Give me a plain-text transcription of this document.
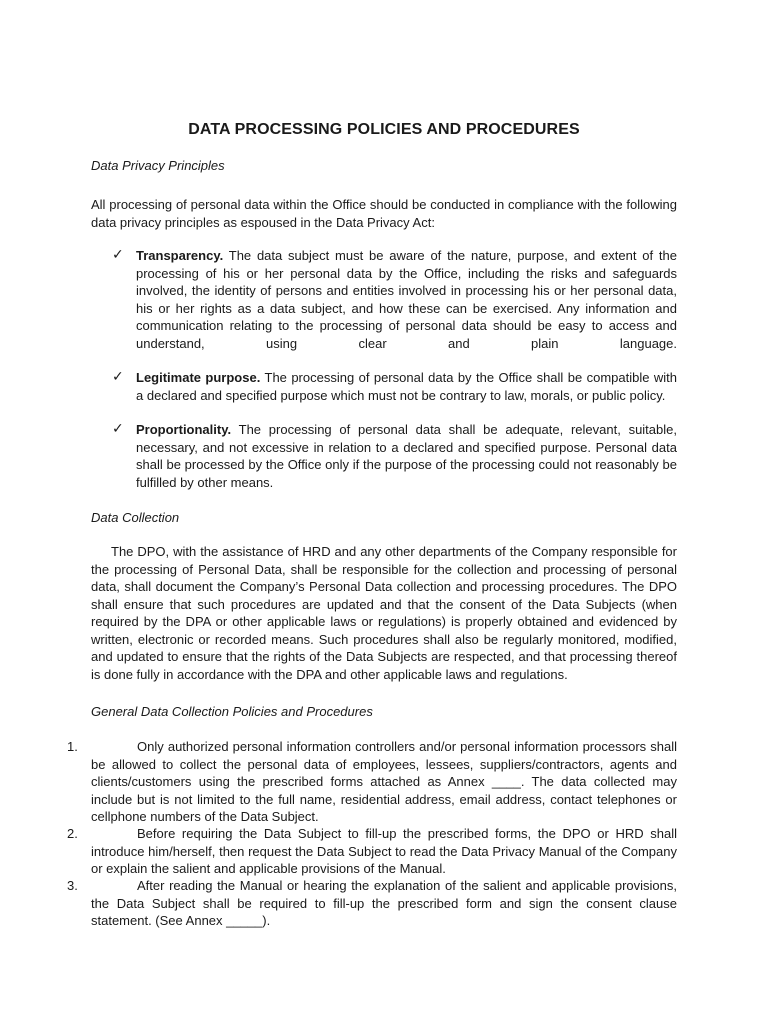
DATA PROCESSING POLICIES AND PROCEDURES
Data Privacy Principles
All processing of personal data within the Office should be conducted in compliance with the following data privacy principles as espoused in the Data Privacy Act:
✓ Transparency. The data subject must be aware of the nature, purpose, and extent of the processing of his or her personal data by the Office, including the risks and safeguards involved, the identity of persons and entities involved in processing his or her personal data, his or her rights as a data subject, and how these can be exercised. Any information and communication relating to the processing of personal data should be easy to access and understand, using clear and plain language.
✓ Legitimate purpose. The processing of personal data by the Office shall be compatible with a declared and specified purpose which must not be contrary to law, morals, or public policy.
✓ Proportionality. The processing of personal data shall be adequate, relevant, suitable, necessary, and not excessive in relation to a declared and specified purpose. Personal data shall be processed by the Office only if the purpose of the processing could not reasonably be fulfilled by other means.
Data Collection
The DPO, with the assistance of HRD and any other departments of the Company responsible for the processing of Personal Data, shall be responsible for the collection and processing of personal data, shall document the Company’s Personal Data collection and processing procedures. The DPO shall ensure that such procedures are updated and that the consent of the Data Subjects (when required by the DPA or other applicable laws or regulations) is properly obtained and evidenced by written, electronic or recorded means. Such procedures shall also be regularly monitored, modified, and updated to ensure that the rights of the Data Subjects are respected, and that processing thereof is done fully in accordance with the DPA and other applicable laws and regulations.
General Data Collection Policies and Procedures
1.	Only authorized personal information controllers and/or personal information processors shall be allowed to collect the personal data of employees, lessees, suppliers/contractors, agents and clients/customers using the prescribed forms attached as Annex ____. The data collected may include but is not limited to the full name, residential address, email address, contact telephones or cellphone numbers of the Data Subject.
2.	Before requiring the Data Subject to fill-up the prescribed forms, the DPO or HRD shall introduce him/herself, then request the Data Subject to read the Data Privacy Manual of the Company or explain the salient and applicable provisions of the Manual.
3.	After reading the Manual or hearing the explanation of the salient and applicable provisions, the Data Subject shall be required to fill-up the prescribed form and sign the consent clause statement. (See Annex _____).
